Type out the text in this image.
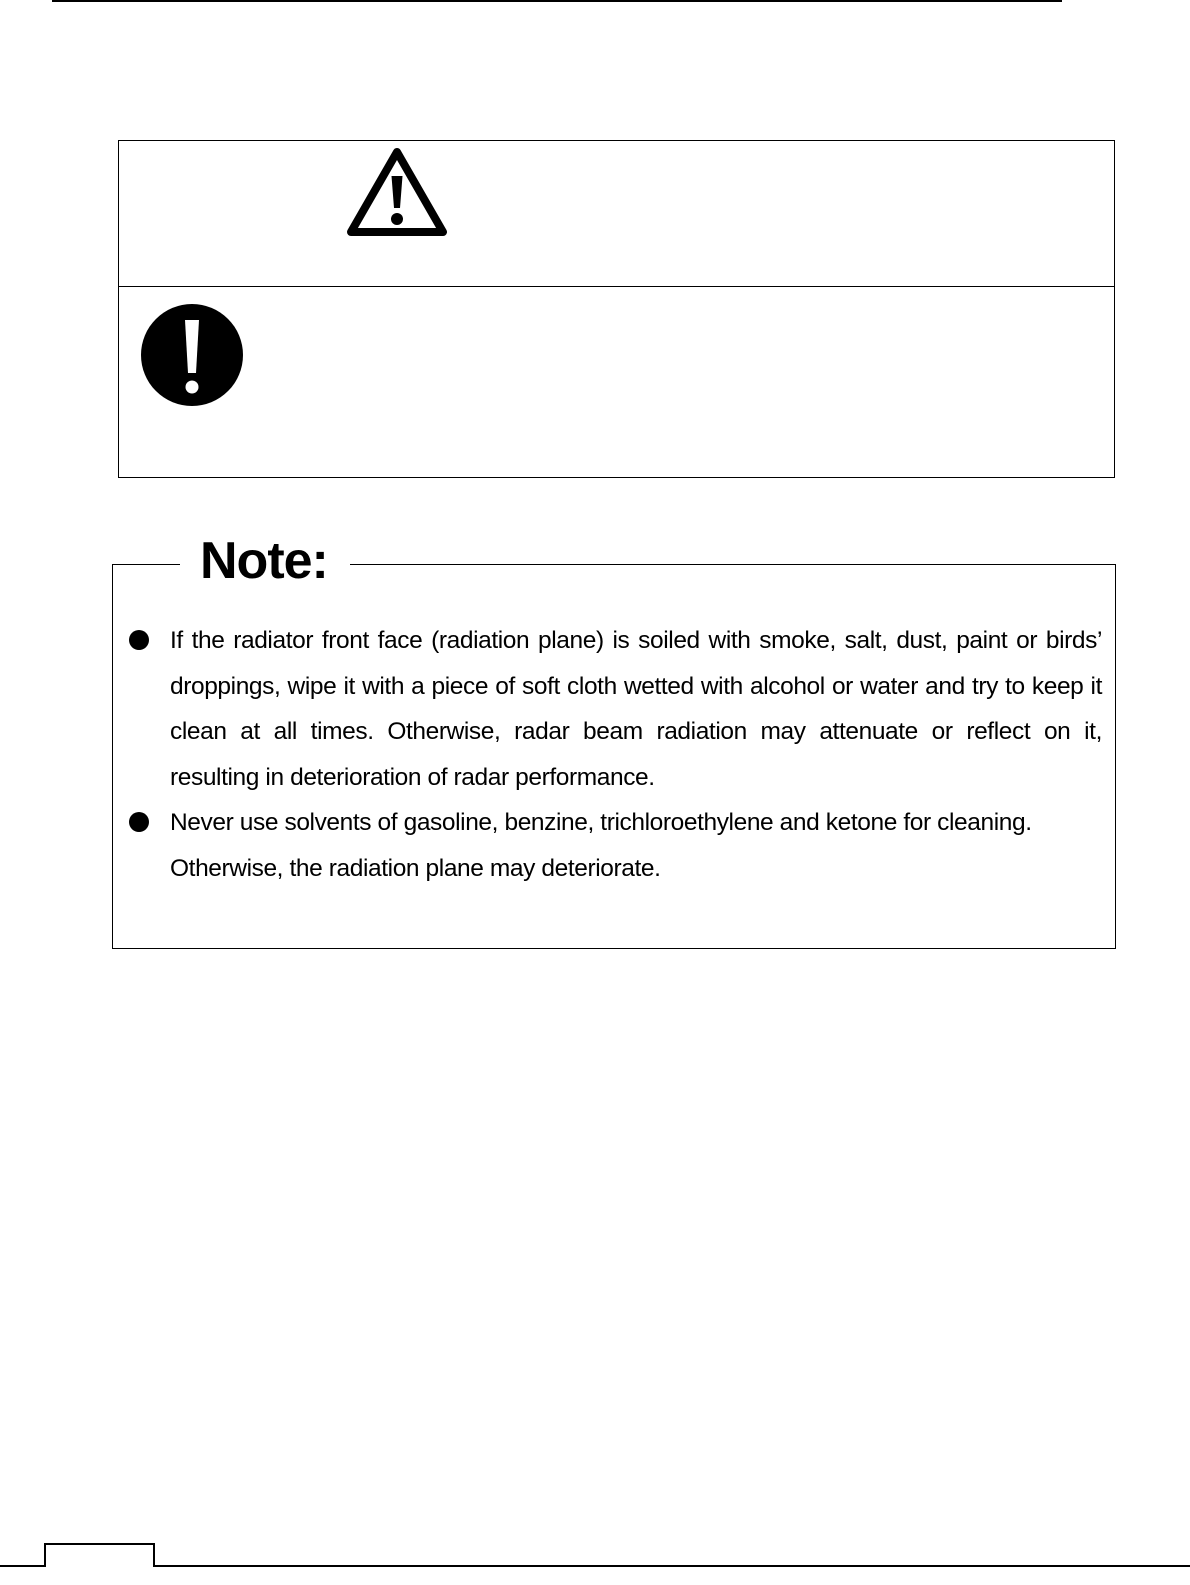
Note:
If the radiator front face (radiation plane) is soiled with smoke, salt, dust, paint or birds’ droppings, wipe it with a piece of soft cloth wetted with alcohol or water and try to keep it clean at all times. Otherwise, radar beam radiation may attenuate or reflect on it, resulting in deterioration of radar performance.
Never use solvents of gasoline, benzine, trichloroethylene and ketone for cleaning.
Otherwise, the radiation plane may deteriorate.
